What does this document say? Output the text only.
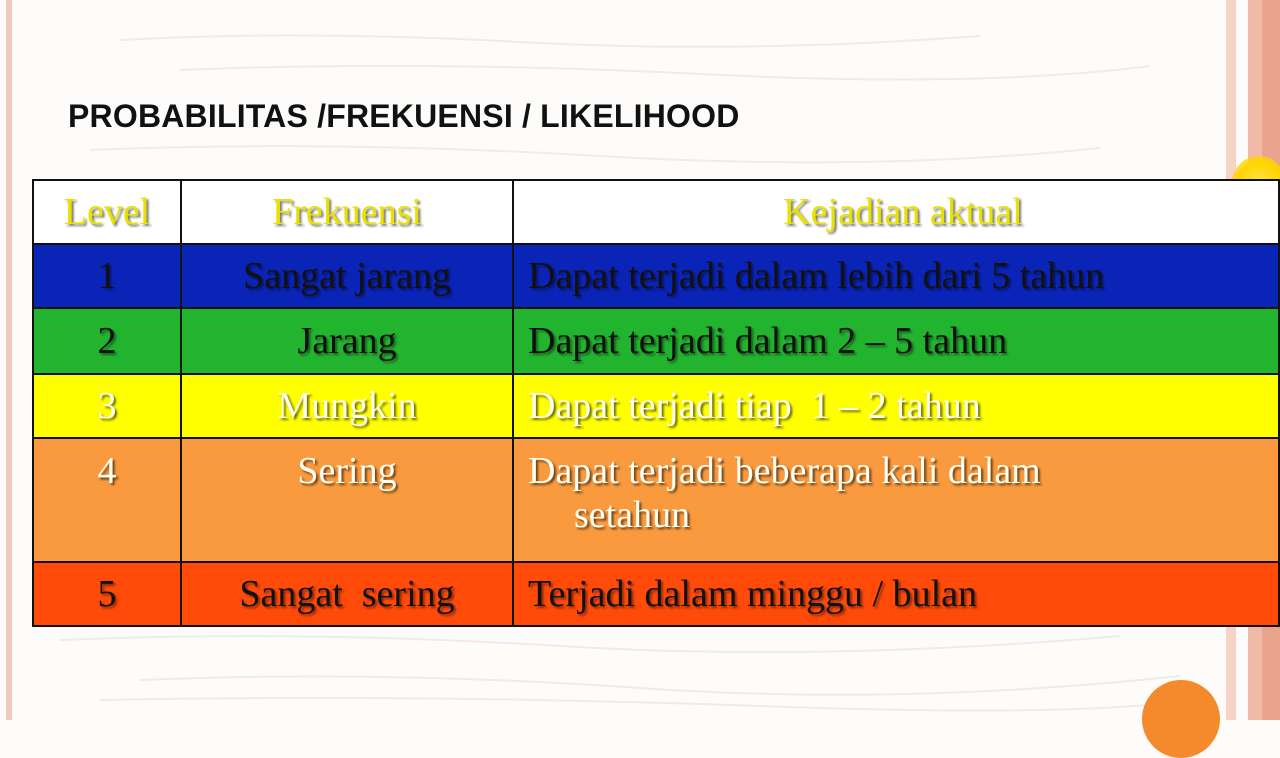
PROBABILITAS /FREKUENSI / LIKELIHOOD
Level	Frekuensi	Kejadian aktual
1	Sangat jarang	Dapat terjadi dalam lebih dari 5 tahun
2	Jarang	Dapat terjadi dalam 2 – 5 tahun
3	Mungkin	Dapat terjadi tiap  1 – 2 tahun
4	Sering	Dapat terjadi beberapa kali dalam
setahun

5	Sangat  sering	Terjadi dalam minggu / bulan
